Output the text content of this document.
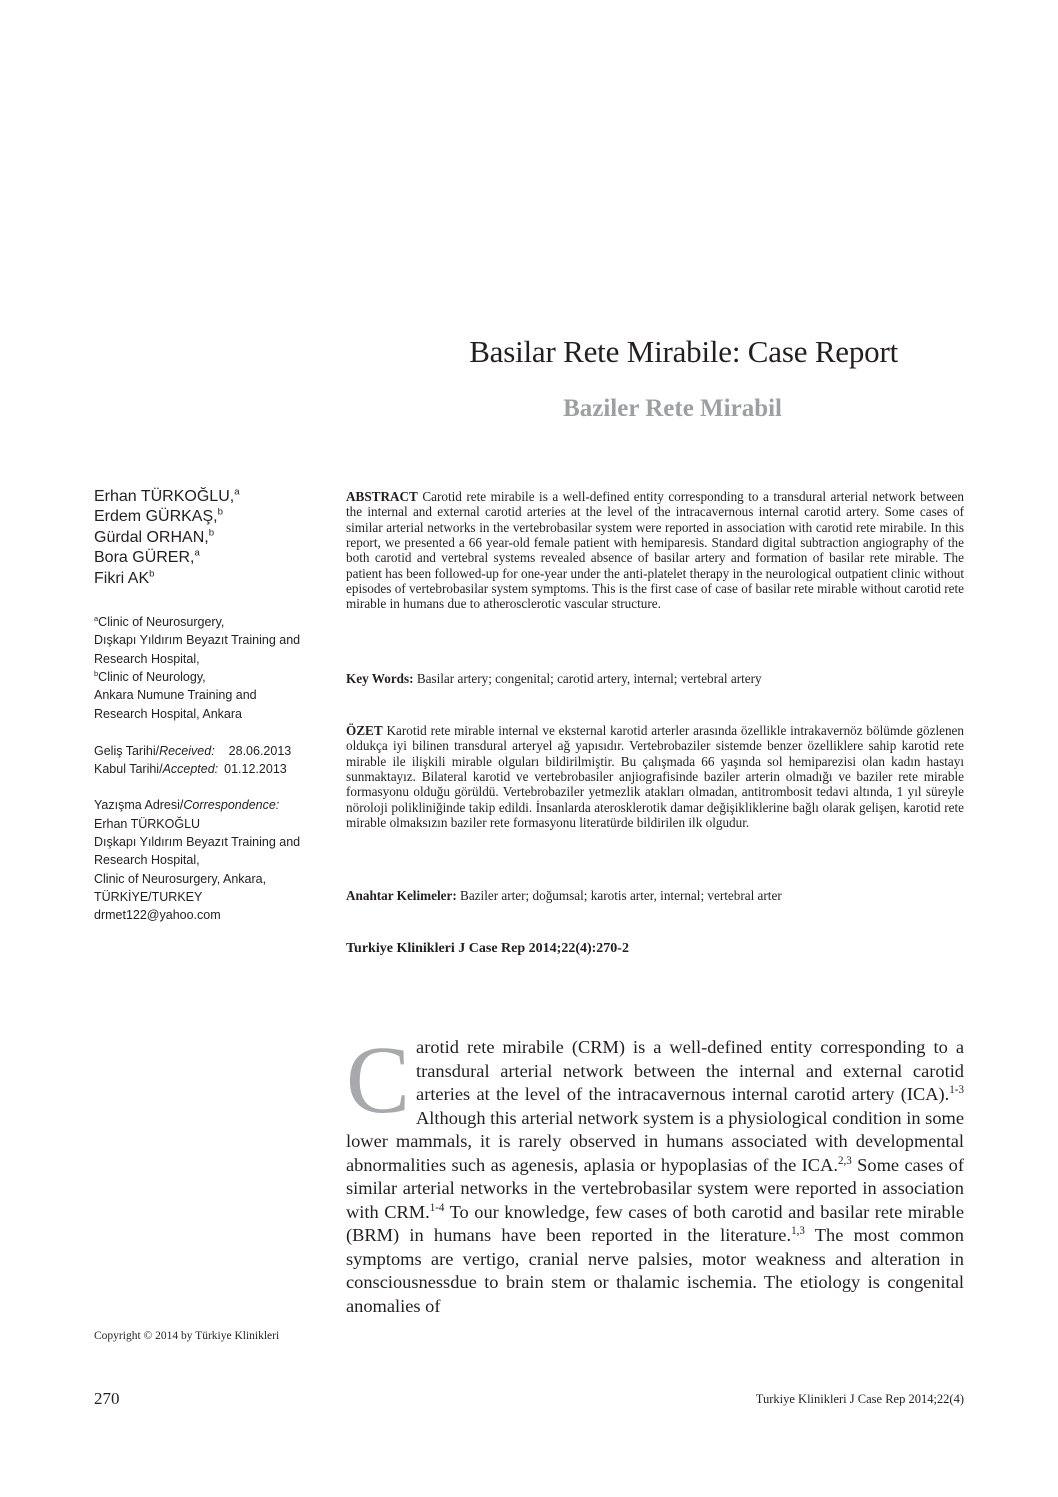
Basilar Rete Mirabile: Case Report
Baziler Rete Mirabil
Erhan TÜRKOĞLU,$^a$
Erdem GÜRKAŞ,$^b$
Gürdal ORHAN,$^b$
Bora GÜRER,$^a$
Fikri $AK^b$
$^a$Clinic of Neurosurgery,
Dışkapı Yıldırım Beyazıt Training and
Research Hospital,
$^b$Clinic of Neurology,
Ankara Numune Training and
Research Hospital, Ankara
Geliş Tarihi/Received: 28.06.2013
Kabul Tarihi/Accepted: 01.12.2013
Yazışma Adresi/Correspondence:
Erhan TÜRKOĞLU
Dışkapı Yıldırım Beyazıt Training and
Research Hospital,
Clinic of Neurosurgery, Ankara,
TÜRKİYE/TURKEY
drmet122@yahoo.com
ABSTRACT Carotid rete mirabile is a well-defined entity corresponding to a transdural arterial network between the internal and external carotid arteries at the level of the intracavernous internal carotid artery. Some cases of similar arterial networks in the vertebrobasilar system were reported in association with carotid rete mirabile. In this report, we presented a 66 year-old female patient with hemiparesis. Standard digital subtraction angiography of the both carotid and vertebral systems revealed absence of basilar artery and formation of basilar rete mirable. The patient has been followed-up for one-year under the anti-platelet therapy in the neurological outpatient clinic without episodes of vertebrobasilar system symptoms. This is the first case of case of basilar rete mirable without carotid rete mirable in humans due to atherosclerotic vascular structure.
Key Words: Basilar artery; congenital; carotid artery, internal; vertebral artery
ÖZET Karotid rete mirable internal ve eksternal karotid arterler arasında özellikle intrakavernöz bölümde gözlenen oldukça iyi bilinen transdural arteryel ağ yapısıdır. Vertebrobaziler sistemde benzer özelliklere sahip karotid rete mirable ile ilişkili mirable olguları bildirilmiştir. Bu çalışmada 66 yaşında sol hemiparezisi olan kadın hastayı sunmaktayız. Bilateral karotid ve vertebrobasiler anjiografisinde baziler arterin olmadığı ve baziler rete mirable formasyonu olduğu görüldü. Vertebrobaziler yetmezlik atakları olmadan, antitrombosit tedavi altında, 1 yıl süreyle nöroloji polikliniğinde takip edildi. İnsanlarda aterosklerotik damar değişikliklerine bağlı olarak gelişen, karotid rete mirable olmaksızın baziler rete formasyonu literatürde bildirilen ilk olgudur.
Anahtar Kelimeler: Baziler arter; doğumsal; karotis arter, internal; vertebral arter
Turkiye Klinikleri J Case Rep 2014;22(4):270-2
Carotid rete mirabile (CRM) is a well-defined entity corresponding to a transdural arterial network between the internal and external carotid arteries at the level of the intracavernous internal carotid artery (ICA).$^{1-3}$ Although this arterial network system is a physiological condition in some lower mammals, it is rarely observed in humans associated with developmental abnormalities such as agenesis, aplasia or hypoplasias of the ICA.$^{2,3}$ Some cases of similar arterial networks in the vertebrobasilar system were reported in association with CRM.$^{1-4}$ To our knowledge, few cases of both carotid and basilar rete mirable (BRM) in humans have been reported in the literature.$^{1,3}$ The most common symptoms are vertigo, cranial nerve palsies, motor weakness and alteration in consciousnessdue to brain stem or thalamic ischemia. The etiology is congenital anomalies of
Copyright © 2014 by Türkiye Klinikleri
270	Turkiye Klinikleri J Case Rep 2014;22(4)
